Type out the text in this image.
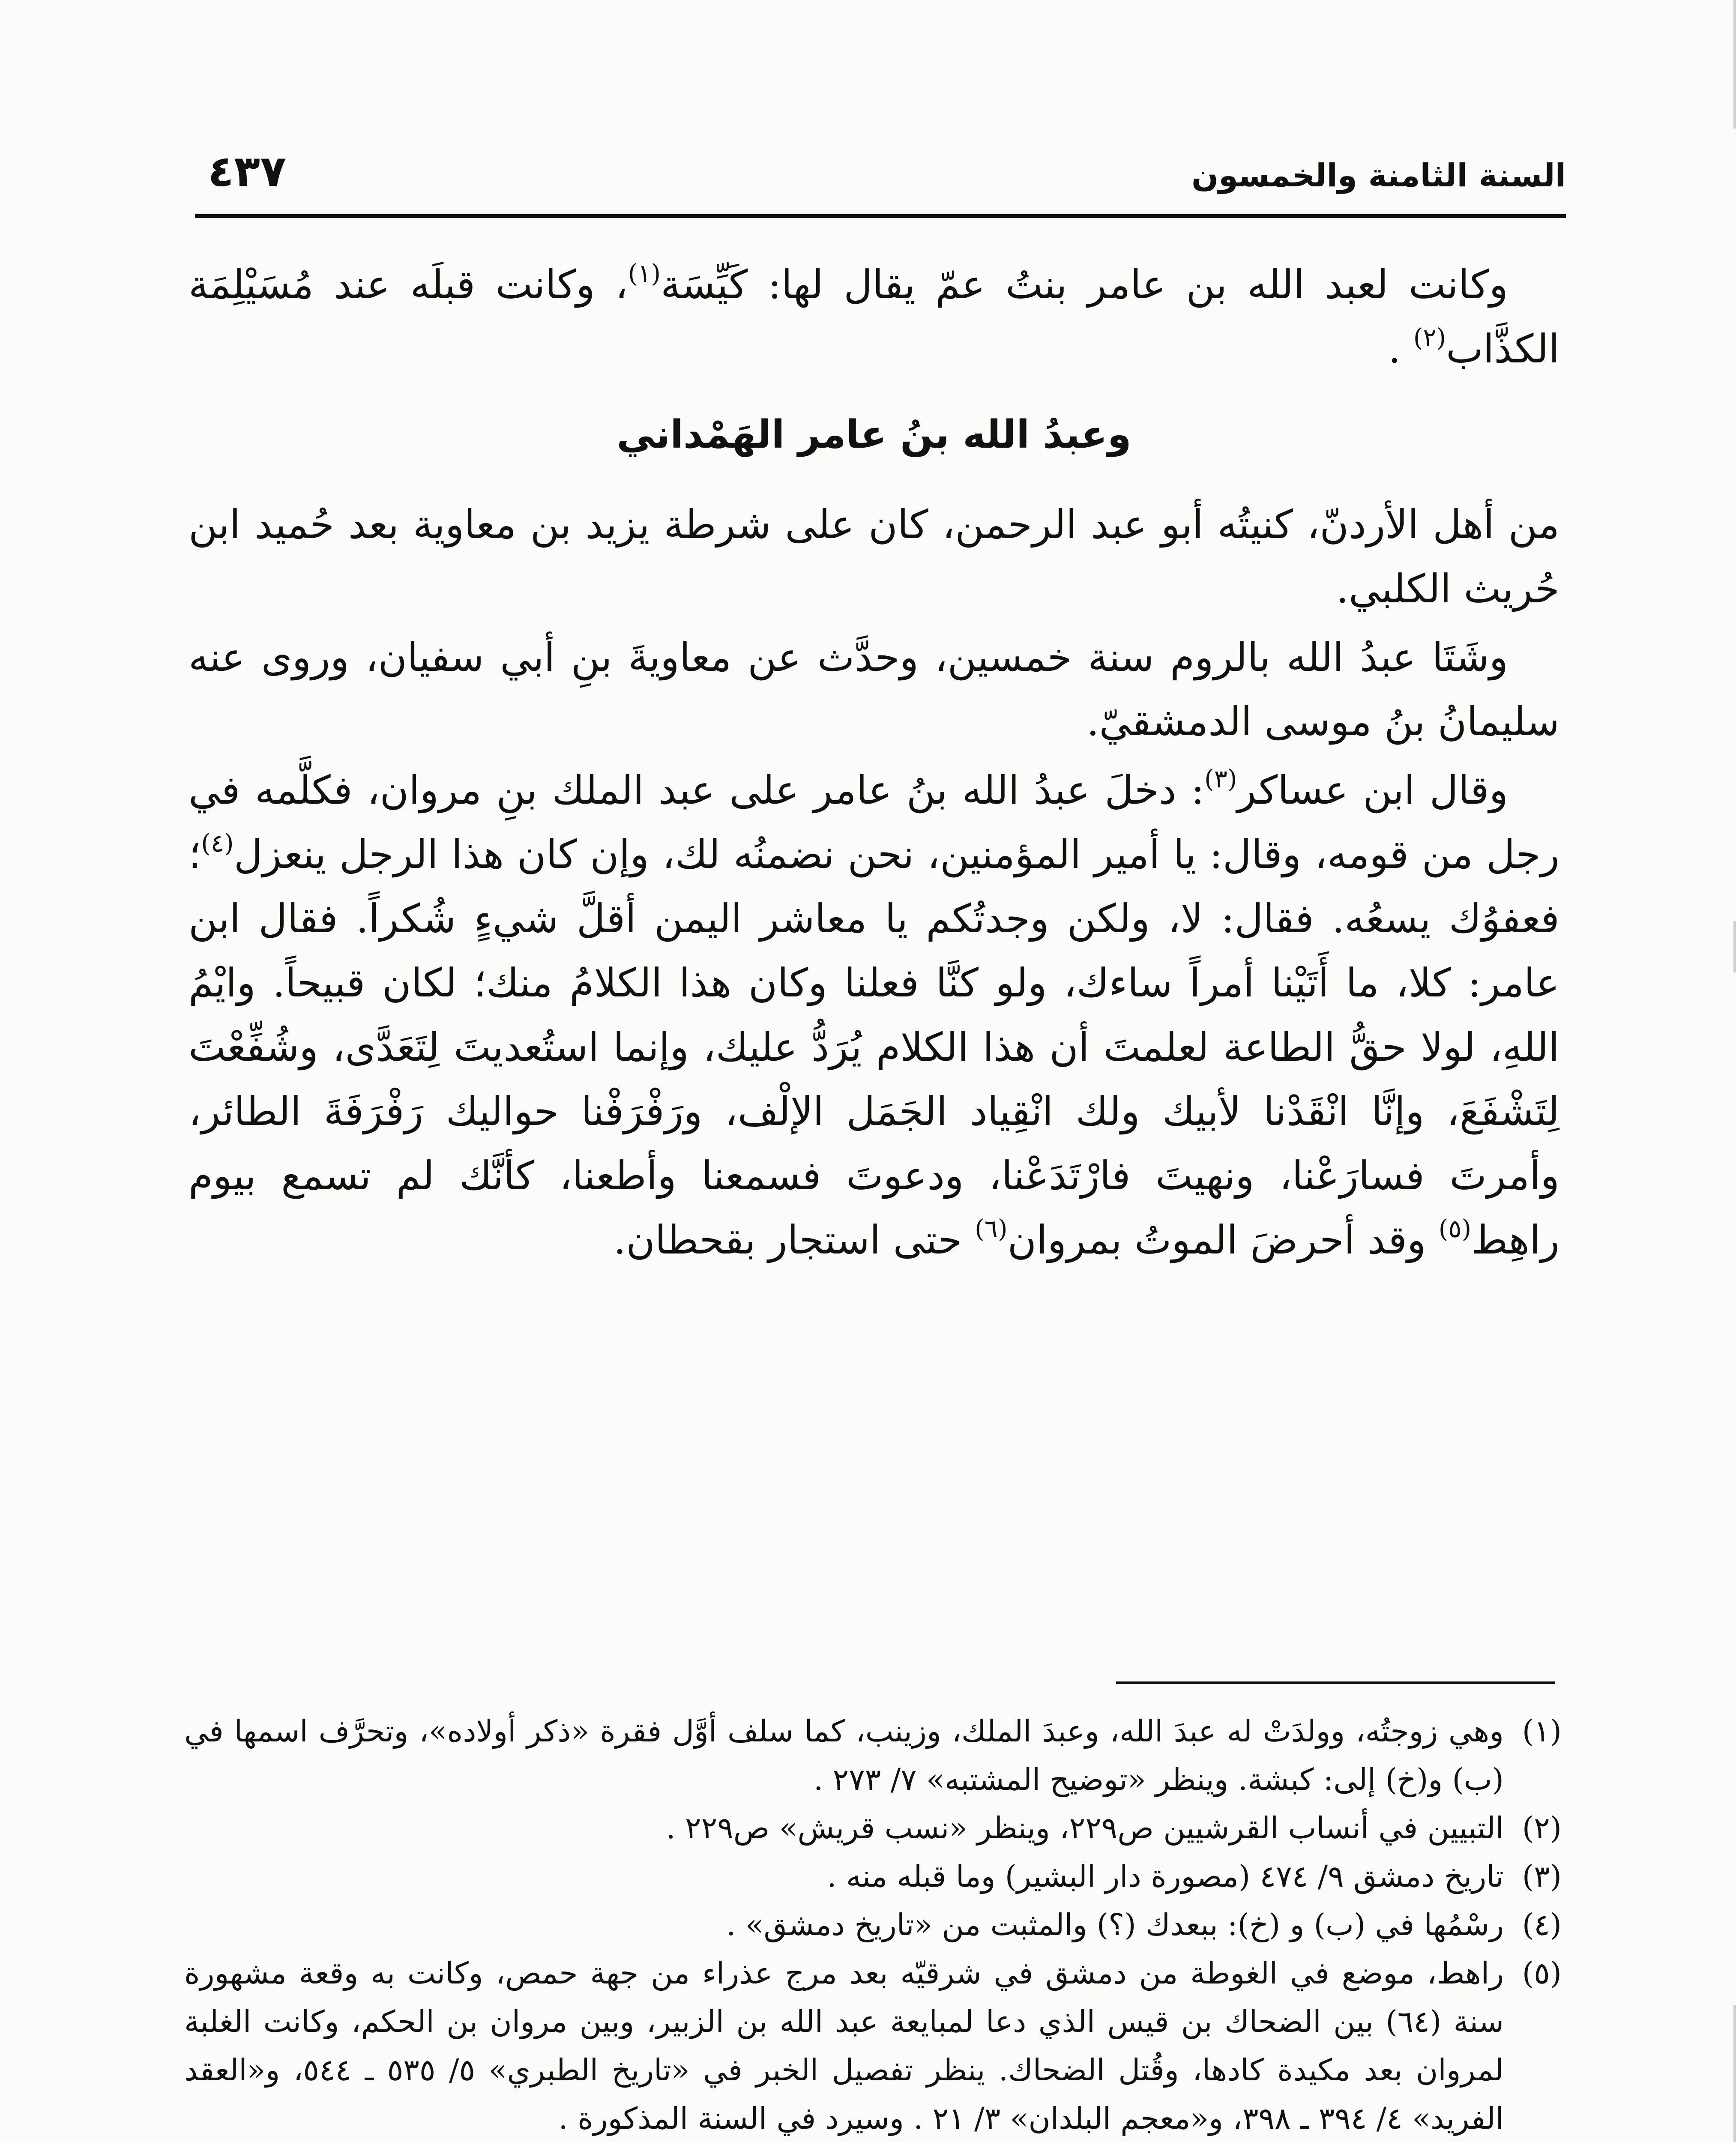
السنة الثامنة والخمسون
٤٣٧

وكانت لعبد الله بن عامر بنتُ عمّ يقال لها: كَيِّسَة$^{(١)}$، وكانت قبلَه عند مُسَيْلِمَة الكذَّاب$^{(٢)}$ .

وعبدُ الله بنُ عامر الهَمْداني

من أهل الأردنّ، كنيتُه أبو عبد الرحمن، كان على شرطة يزيد بن معاوية بعد حُميد ابن حُريث الكلبي.

وشَتَا عبدُ الله بالروم سنة خمسين، وحدَّث عن معاويةَ بنِ أبي سفيان، وروى عنه سليمانُ بنُ موسى الدمشقيّ.

وقال ابن عساكر$^{(٣)}$: دخلَ عبدُ الله بنُ عامر على عبد الملك بنِ مروان، فكلَّمه في رجل من قومه، وقال: يا أمير المؤمنين، نحن نضمنُه لك، وإن كان هذا الرجل ينعزل$^{(٤)}$؛ فعفوُك يسعُه. فقال: لا، ولكن وجدتُكم يا معاشر اليمن أقلَّ شيءٍ شُكراً. فقال ابن عامر: كلا، ما أَتَيْنا أمراً ساءك، ولو كنَّا فعلنا وكان هذا الكلامُ منك؛ لكان قبيحاً. وايْمُ اللهِ، لولا حقُّ الطاعة لعلمتَ أن هذا الكلام يُرَدُّ عليك، وإنما استُعديتَ لِتَعَدَّى، وشُفِّعْتَ لِتَشْفَعَ، وإنَّا انْقَدْنا لأبيك ولك انْقِياد الجَمَل الإلْف، ورَفْرَفْنا حواليك رَفْرَفَةَ الطائر، وأمرتَ فسارَعْنا، ونهيتَ فارْتَدَعْنا، ودعوتَ فسمعنا وأطعنا، كأنَّك لم تسمع بيوم راهِط$^{(٥)}$ وقد أحرضَ الموتُ بمروان$^{(٦)}$ حتى استجار بقحطان.

(١)وهي زوجتُه، وولدَتْ له عبدَ الله، وعبدَ الملك، وزينب، كما سلف أوَّل فقرة «ذكر أولاده»، وتحرَّف اسمها في (ب) و(خ) إلى: كبشة. وينظر «توضيح المشتبه» ٧/ ٢٧٣ .

(٢)التبيين في أنساب القرشيين ص٢٢٩، وينظر «نسب قريش» ص٢٢٩ .

(٣)تاريخ دمشق ٩/ ٤٧٤ (مصورة دار البشير) وما قبله منه .

(٤)رسْمُها في (ب) و (خ): ببعدك (؟) والمثبت من «تاريخ دمشق» .

(٥)راهط، موضع في الغوطة من دمشق في شرقيّه بعد مرج عذراء من جهة حمص، وكانت به وقعة مشهورة سنة (٦٤) بين الضحاك بن قيس الذي دعا لمبايعة عبد الله بن الزبير، وبين مروان بن الحكم، وكانت الغلبة لمروان بعد مكيدة كادها، وقُتل الضحاك. ينظر تفصيل الخبر في «تاريخ الطبري» ٥/ ٥٣٥ ـ ٥٤٤، و«العقد الفريد» ٤/ ٣٩٤ ـ ٣٩٨، و«معجم البلدان» ٣/ ٢١ . وسيرد في السنة المذكورة .
